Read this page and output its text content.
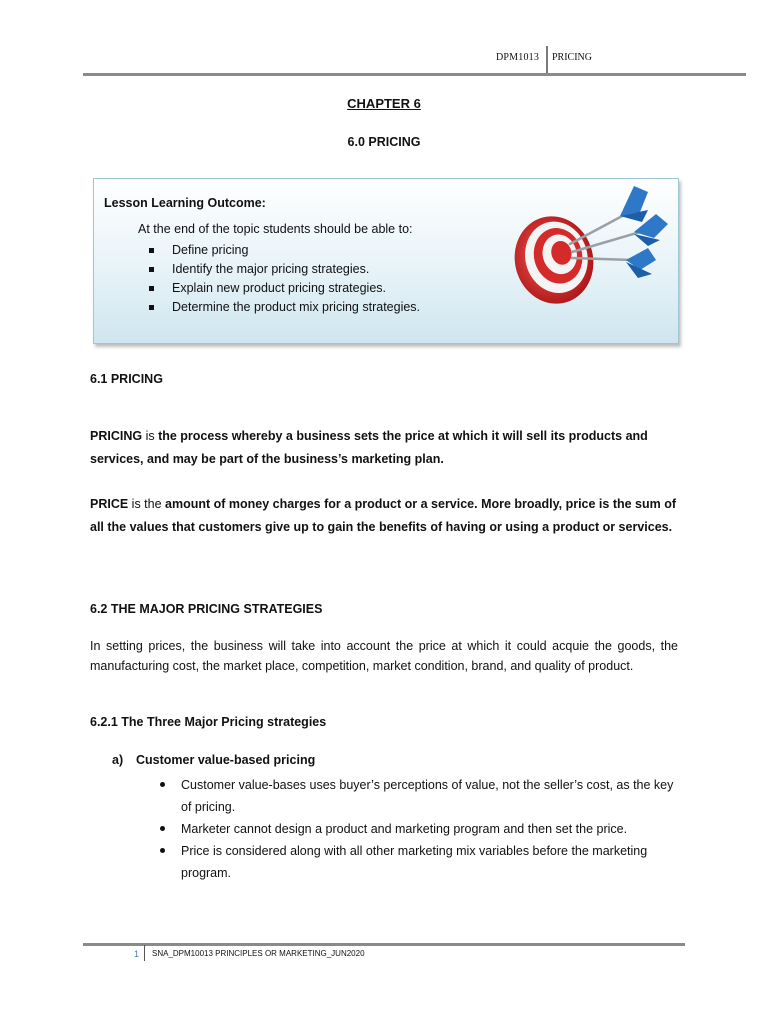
DPM1013 PRICING
CHAPTER 6
6.0 PRICING
Lesson Learning Outcome:
At the end of the topic students should be able to:
Define pricing
Identify the major pricing strategies.
Explain new product pricing strategies.
Determine the product mix pricing strategies.
6.1 PRICING
PRICING is the process whereby a business sets the price at which it will sell its products and services, and may be part of the business’s marketing plan.
PRICE is the amount of money charges for a product or a service. More broadly, price is the sum of all the values that customers give up to gain the benefits of having or using a product or services.
6.2 THE MAJOR PRICING STRATEGIES
In setting prices, the business will take into account the price at which it could acquie the goods, the manufacturing cost, the market place, competition, market condition, brand, and quality of product.
6.2.1 The Three Major Pricing strategies
a) Customer value-based pricing
Customer value-bases uses buyer’s perceptions of value, not the seller’s cost, as the key of pricing.
Marketer cannot design a product and marketing program and then set the price.
Price is considered along with all other marketing mix variables before the marketing program.
1 SNA_DPM10013 PRINCIPLES OR MARKETING_JUN2020
